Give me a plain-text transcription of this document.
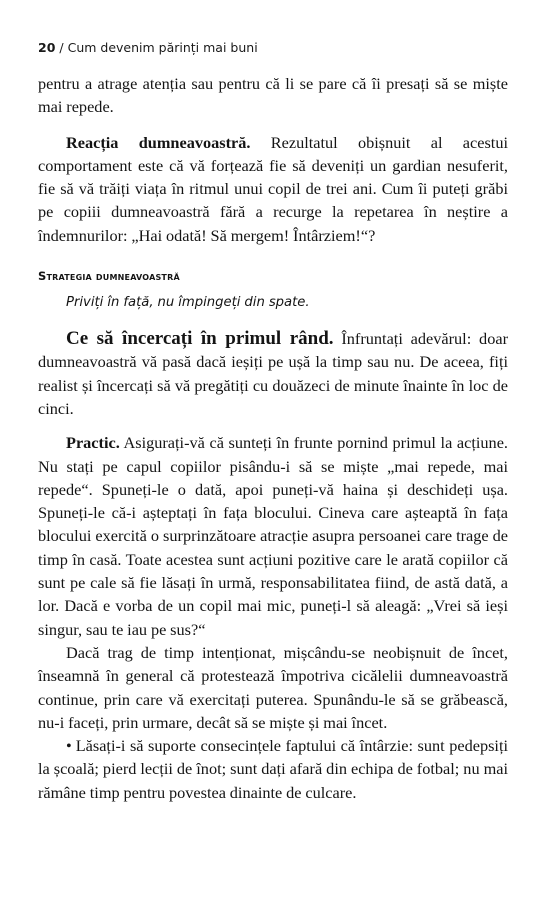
20 / Cum devenim părinți mai buni

pentru a atrage atenția sau pentru că li se pare că îi presați să se miște mai repede.

Reacția dumneavoastră. Rezultatul obișnuit al acestui comportament este că vă forțează fie să deveniți un gardian nesuferit, fie să vă trăiți viața în ritmul unui copil de trei ani. Cum îi puteți grăbi pe copiii dumneavoastră fără a recurge la repetarea în neștire a îndemnurilor: „Hai odată! Să mergem! Întârziem!“?

Strategia dumneavoastră

Priviți în față, nu împingeți din spate.

Ce să încercați în primul rând. Înfruntați adevărul: doar dumneavoastră vă pasă dacă ieșiți pe ușă la timp sau nu. De aceea, fiți realist și încercați să vă pregătiți cu douăzeci de minute înainte în loc de cinci.

Practic. Asigurați-vă că sunteți în frunte pornind primul la acțiune. Nu stați pe capul copiilor pisându-i să se miște „mai repede, mai repede“. Spuneți-le o dată, apoi puneți-vă haina și deschideți ușa. Spuneți-le că-i așteptați în fața blocului. Cineva care așteaptă în fața blocului exercită o surprinzătoare atracție asupra persoanei care trage de timp în casă. Toate acestea sunt acțiuni pozitive care le arată copiilor că sunt pe cale să fie lăsați în urmă, responsabilitatea fiind, de astă dată, a lor. Dacă e vorba de un copil mai mic, puneți-l să aleagă: „Vrei să ieși singur, sau te iau pe sus?“

Dacă trag de timp intenționat, mișcându-se neobișnuit de încet, înseamnă în general că protestează împotriva cicălelii dumneavoastră continue, prin care vă exercitați puterea. Spunându-le să se grăbească, nu-i faceți, prin urmare, decât să se miște și mai încet.

• Lăsați-i să suporte consecințele faptului că întârzie: sunt pedepsiți la școală; pierd lecții de înot; sunt dați afară din echipa de fotbal; nu mai rămâne timp pentru povestea dinainte de culcare.
